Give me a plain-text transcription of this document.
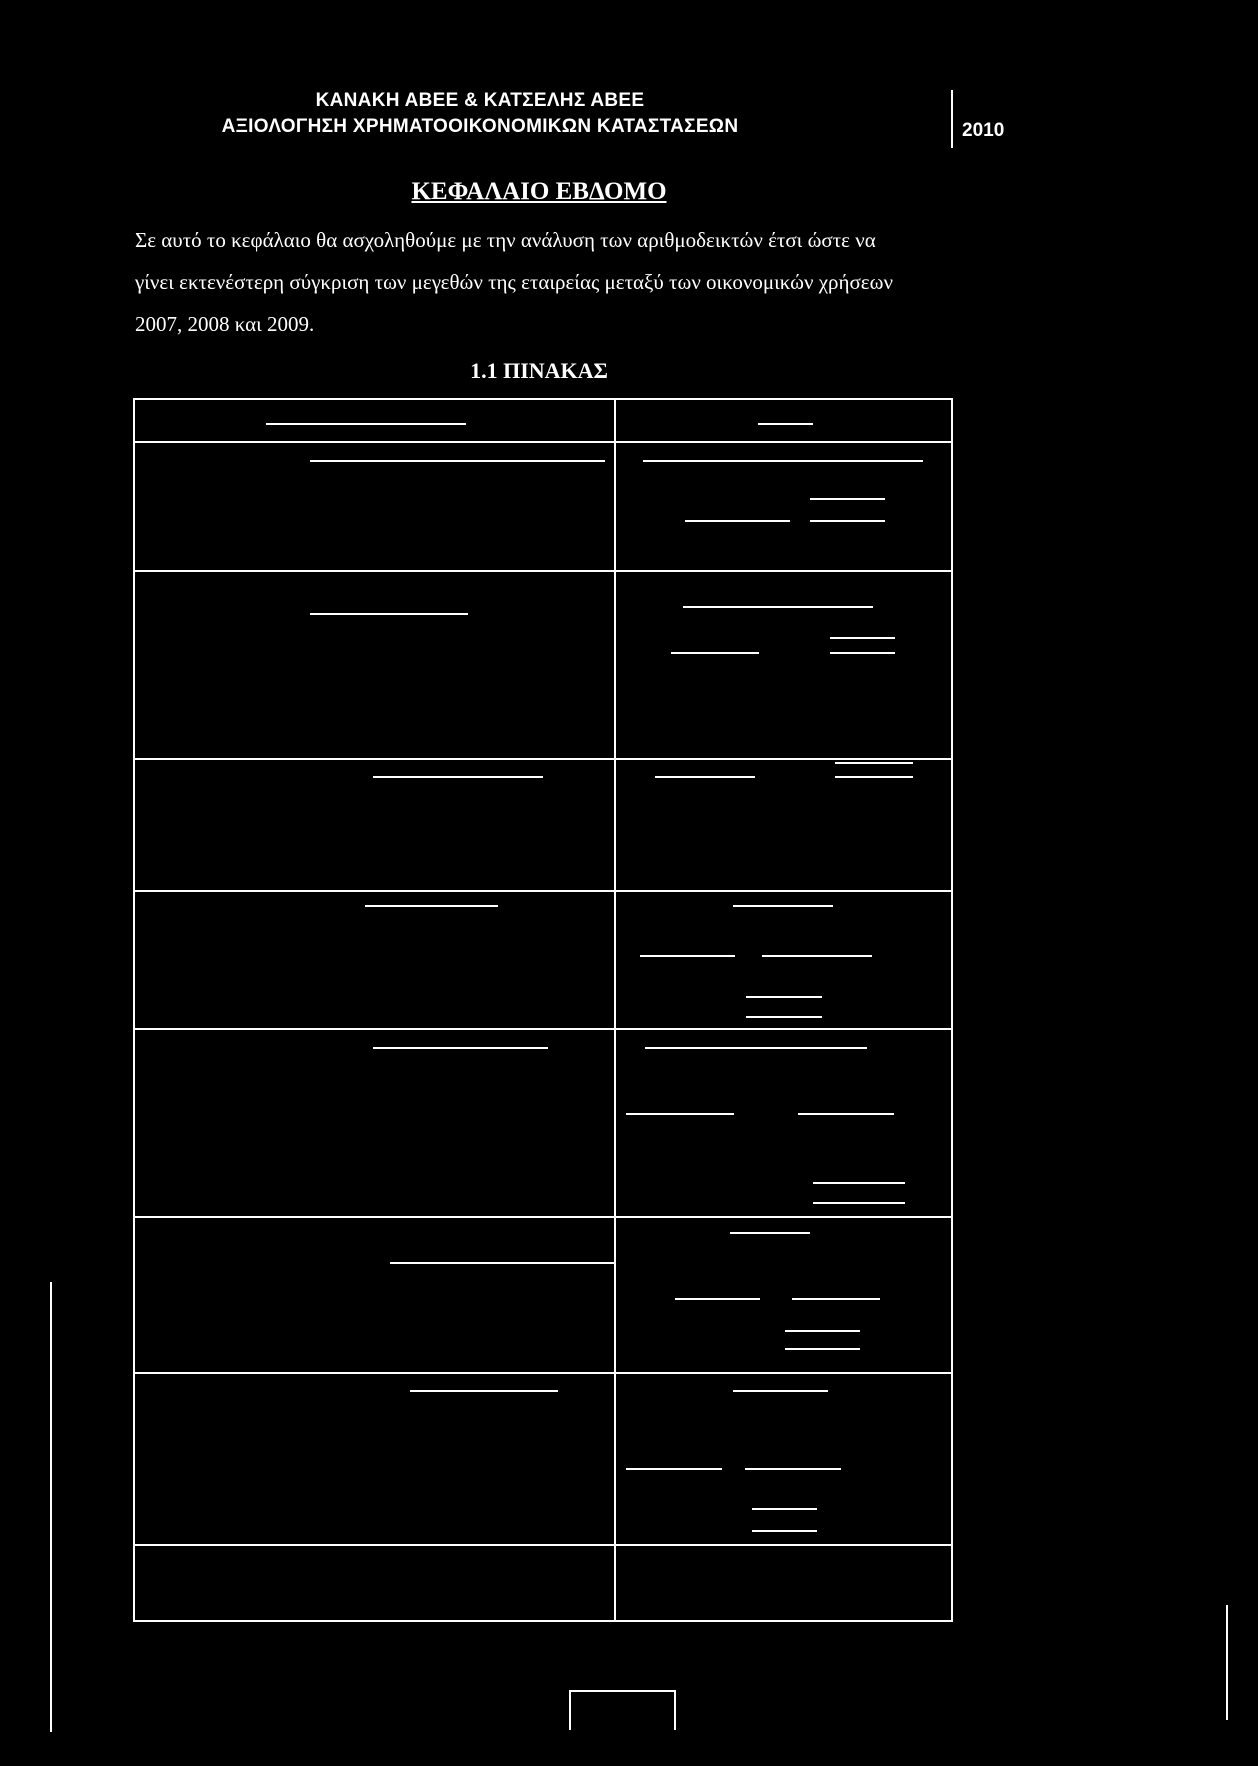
ΚΑΝΑΚΗ ΑΒΕΕ & ΚΑΤΣΕΛΗΣ ΑΒΕΕ
ΑΞΙΟΛΟΓΗΣΗ ΧΡΗΜΑΤΟΟΙΚΟΝΟΜΙΚΩΝ ΚΑΤΑΣΤΑΣΕΩΝ	2010
ΚΕΦΑΛΑΙΟ ΕΒΔΟΜΟ
Σε αυτό το κεφάλαιο θα ασχοληθούμε με την ανάλυση των αριθμοδεικτών έτσι ώστε να
γίνει εκτενέστερη σύγκριση των μεγεθών της εταιρείας μεταξύ των οικονομικών χρήσεων
2007, 2008 και 2009.
1.1 ΠΙΝΑΚΑΣ
